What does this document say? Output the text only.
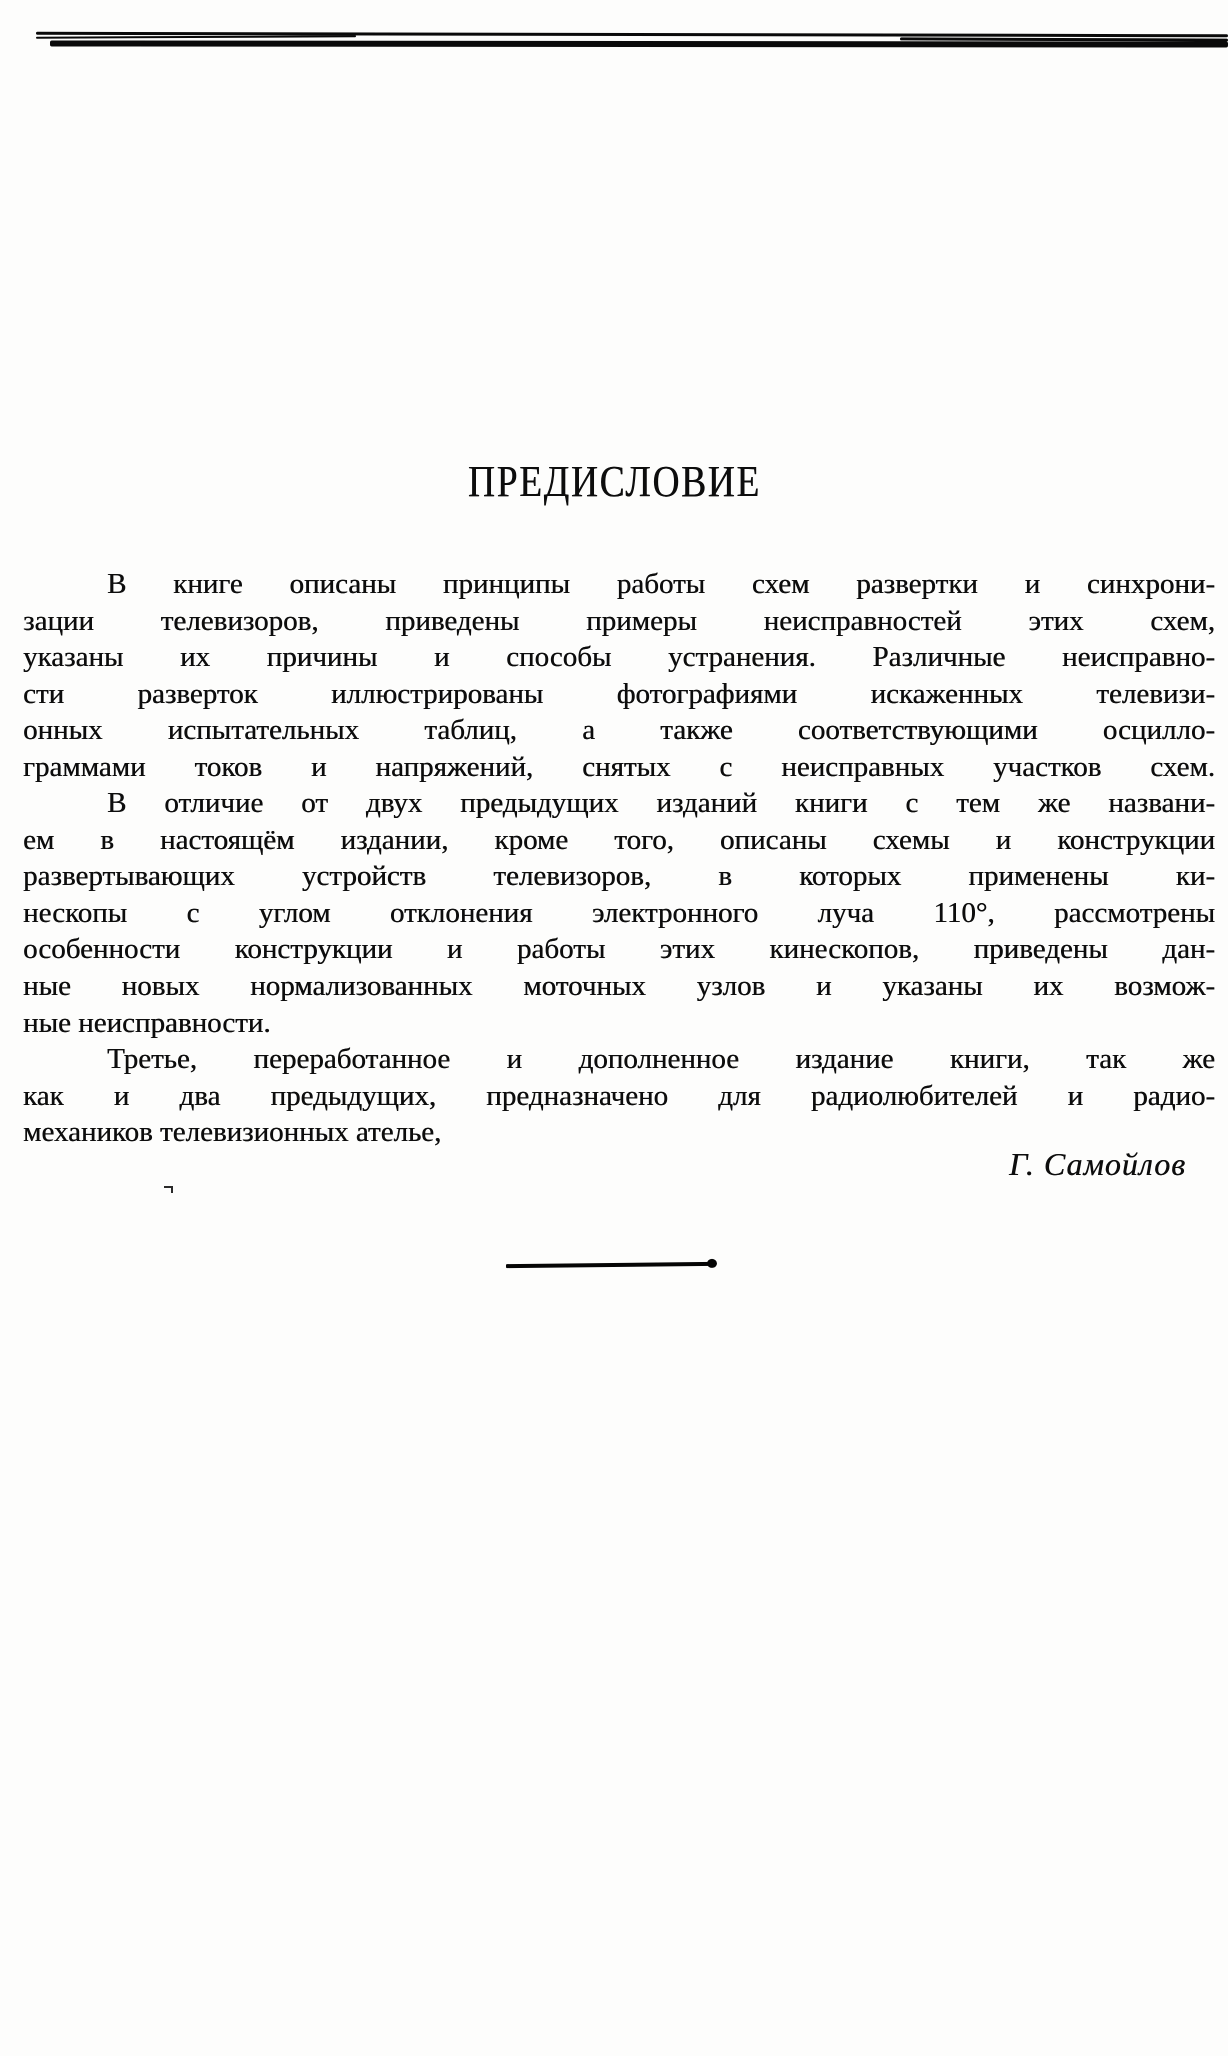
ПРЕДИСЛОВИЕ
В книге описаны принципы работы схем развертки и синхрони-
зации телевизоров, приведены примеры неисправностей этих схем,
указаны их причины и способы устранения. Различные неисправно-
сти разверток иллюстрированы фотографиями искаженных телевизи-
онных испытательных таблиц, а также соответствующими осцилло-
граммами токов и напряжений, снятых с неисправных участков схем.
В отличие от двух предыдущих изданий книги с тем же названи-
ем в настоящём издании, кроме того, описаны схемы и конструкции
развертывающих устройств телевизоров, в которых применены ки-
нескопы с углом отклонения электронного луча 110°, рассмотрены
особенности конструкции и работы этих кинескопов, приведены дан-
ные новых нормализованных моточных узлов и указаны их возмож-
ные неисправности.
Третье, переработанное и дополненное издание книги, так же
как и два предыдущих, предназначено для радиолюбителей и радио-
механиков телевизионных ателье,
Г. Самойлов
